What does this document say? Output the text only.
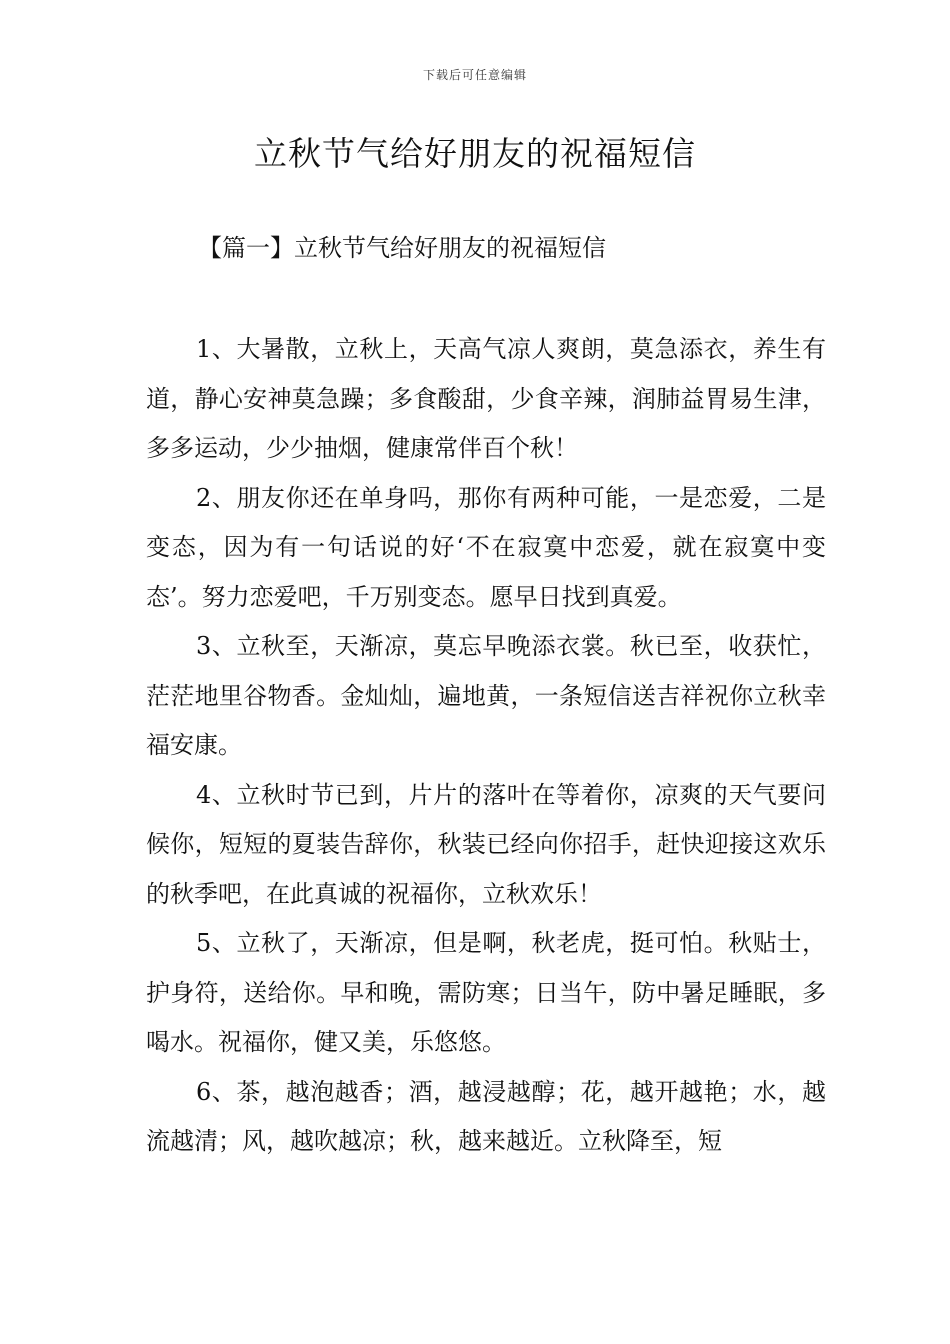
下载后可任意编辑
立秋节气给好朋友的祝福短信
【篇一】立秋节气给好朋友的祝福短信

1、大暑散，立秋上，天高气凉人爽朗，莫急添衣，养生有道，静心安神莫急躁；多食酸甜，少食辛辣，润肺益胃易生津，多多运动，少少抽烟，健康常伴百个秋！

2、朋友你还在单身吗，那你有两种可能，一是恋爱，二是变态，因为有一句话说的好‘不在寂寞中恋爱，就在寂寞中变态’。努力恋爱吧，千万别变态。愿早日找到真爱。

3、立秋至，天渐凉，莫忘早晚添衣裳。秋已至，收获忙，茫茫地里谷物香。金灿灿，遍地黄，一条短信送吉祥祝你立秋幸福安康。

4、立秋时节已到，片片的落叶在等着你，凉爽的天气要问候你，短短的夏装告辞你，秋装已经向你招手，赶快迎接这欢乐的秋季吧，在此真诚的祝福你，立秋欢乐！

5、立秋了，天渐凉，但是啊，秋老虎，挺可怕。秋贴士，护身符，送给你。早和晚，需防寒；日当午，防中暑足睡眠，多喝水。祝福你，健又美，乐悠悠。

6、茶，越泡越香；酒，越浸越醇；花，越开越艳；水，越流越清；风，越吹越凉；秋，越来越近。立秋降至，短
